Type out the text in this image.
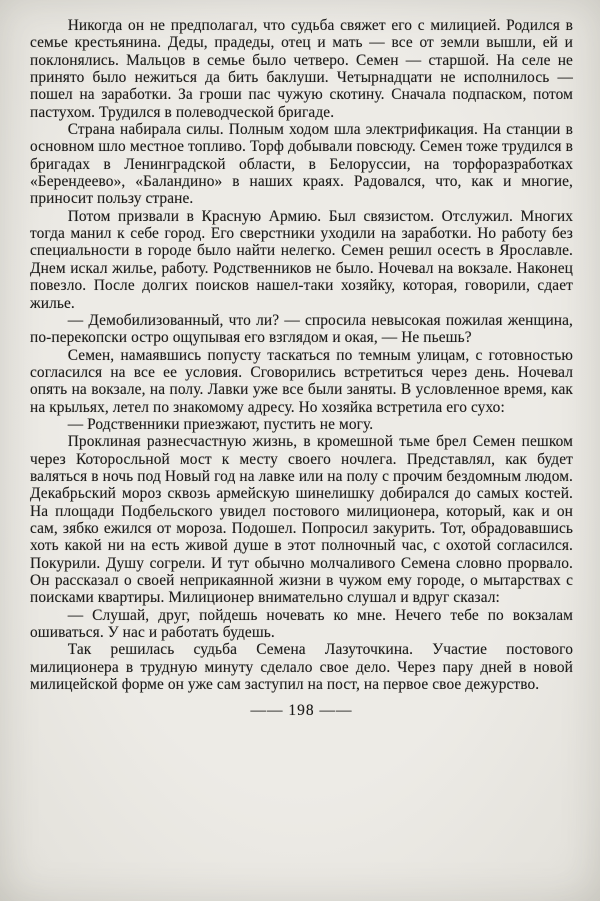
Никогда он не предполагал, что судьба свяжет его с милицией. Родился в семье крестьянина. Деды, прадеды, отец и мать — все от земли вышли, ей и поклонялись. Мальцов в семье было четверо. Семен — старшой. На селе не принято было нежиться да бить баклуши. Четырнадцати не исполнилось — пошел на заработки. За гроши пас чужую скотину. Сначала подпаском, потом пастухом. Трудился в полеводческой бригаде.

Страна набирала силы. Полным ходом шла электрификация. На станции в основном шло местное топливо. Торф добывали повсюду. Семен тоже трудился в бригадах в Ленинградской области, в Белоруссии, на торфоразработках «Берендеево», «Баландино» в наших краях. Радовался, что, как и многие, приносит пользу стране.

Потом призвали в Красную Армию. Был связистом. Отслужил. Многих тогда манил к себе город. Его сверстники уходили на заработки. Но работу без специальности в городе было найти нелегко. Семен решил осесть в Ярославле. Днем искал жилье, работу. Родственников не было. Ночевал на вокзале. Наконец повезло. После долгих поисков нашел-таки хозяйку, которая, говорили, сдает жилье.

— Демобилизованный, что ли? — спросила невысокая пожилая женщина, по-перекопски остро ощупывая его взглядом и окая, — Не пьешь?

Семен, намаявшись попусту таскаться по темным улицам, с готовностью согласился на все ее условия. Сговорились встретиться через день. Ночевал опять на вокзале, на полу. Лавки уже все были заняты. В условленное время, как на крыльях, летел по знакомому адресу. Но хозяйка встретила его сухо:

— Родственники приезжают, пустить не могу.

Проклиная разнесчастную жизнь, в кромешной тьме брел Семен пешком через Которосльной мост к месту своего ночлега. Представлял, как будет валяться в ночь под Новый год на лавке или на полу с прочим бездомным людом. Декабрьский мороз сквозь армейскую шинелишку добирался до самых костей. На площади Подбельского увидел постового милиционера, который, как и он сам, зябко ежился от мороза. Подошел. Попросил закурить. Тот, обрадовавшись хоть какой ни на есть живой душе в этот полночный час, с охотой согласился. Покурили. Душу согрели. И тут обычно молчаливого Семена словно прорвало. Он рассказал о своей неприкаянной жизни в чужом ему городе, о мытарствах с поисками квартиры. Милиционер внимательно слушал и вдруг сказал:

— Слушай, друг, пойдешь ночевать ко мне. Нечего тебе по вокзалам ошиваться. У нас и работать будешь.

Так решилась судьба Семена Лазуточкина. Участие постового милиционера в трудную минуту сделало свое дело. Через пару дней в новой милицейской форме он уже сам заступил на пост, на первое свое дежурство.

—— 198 ——
